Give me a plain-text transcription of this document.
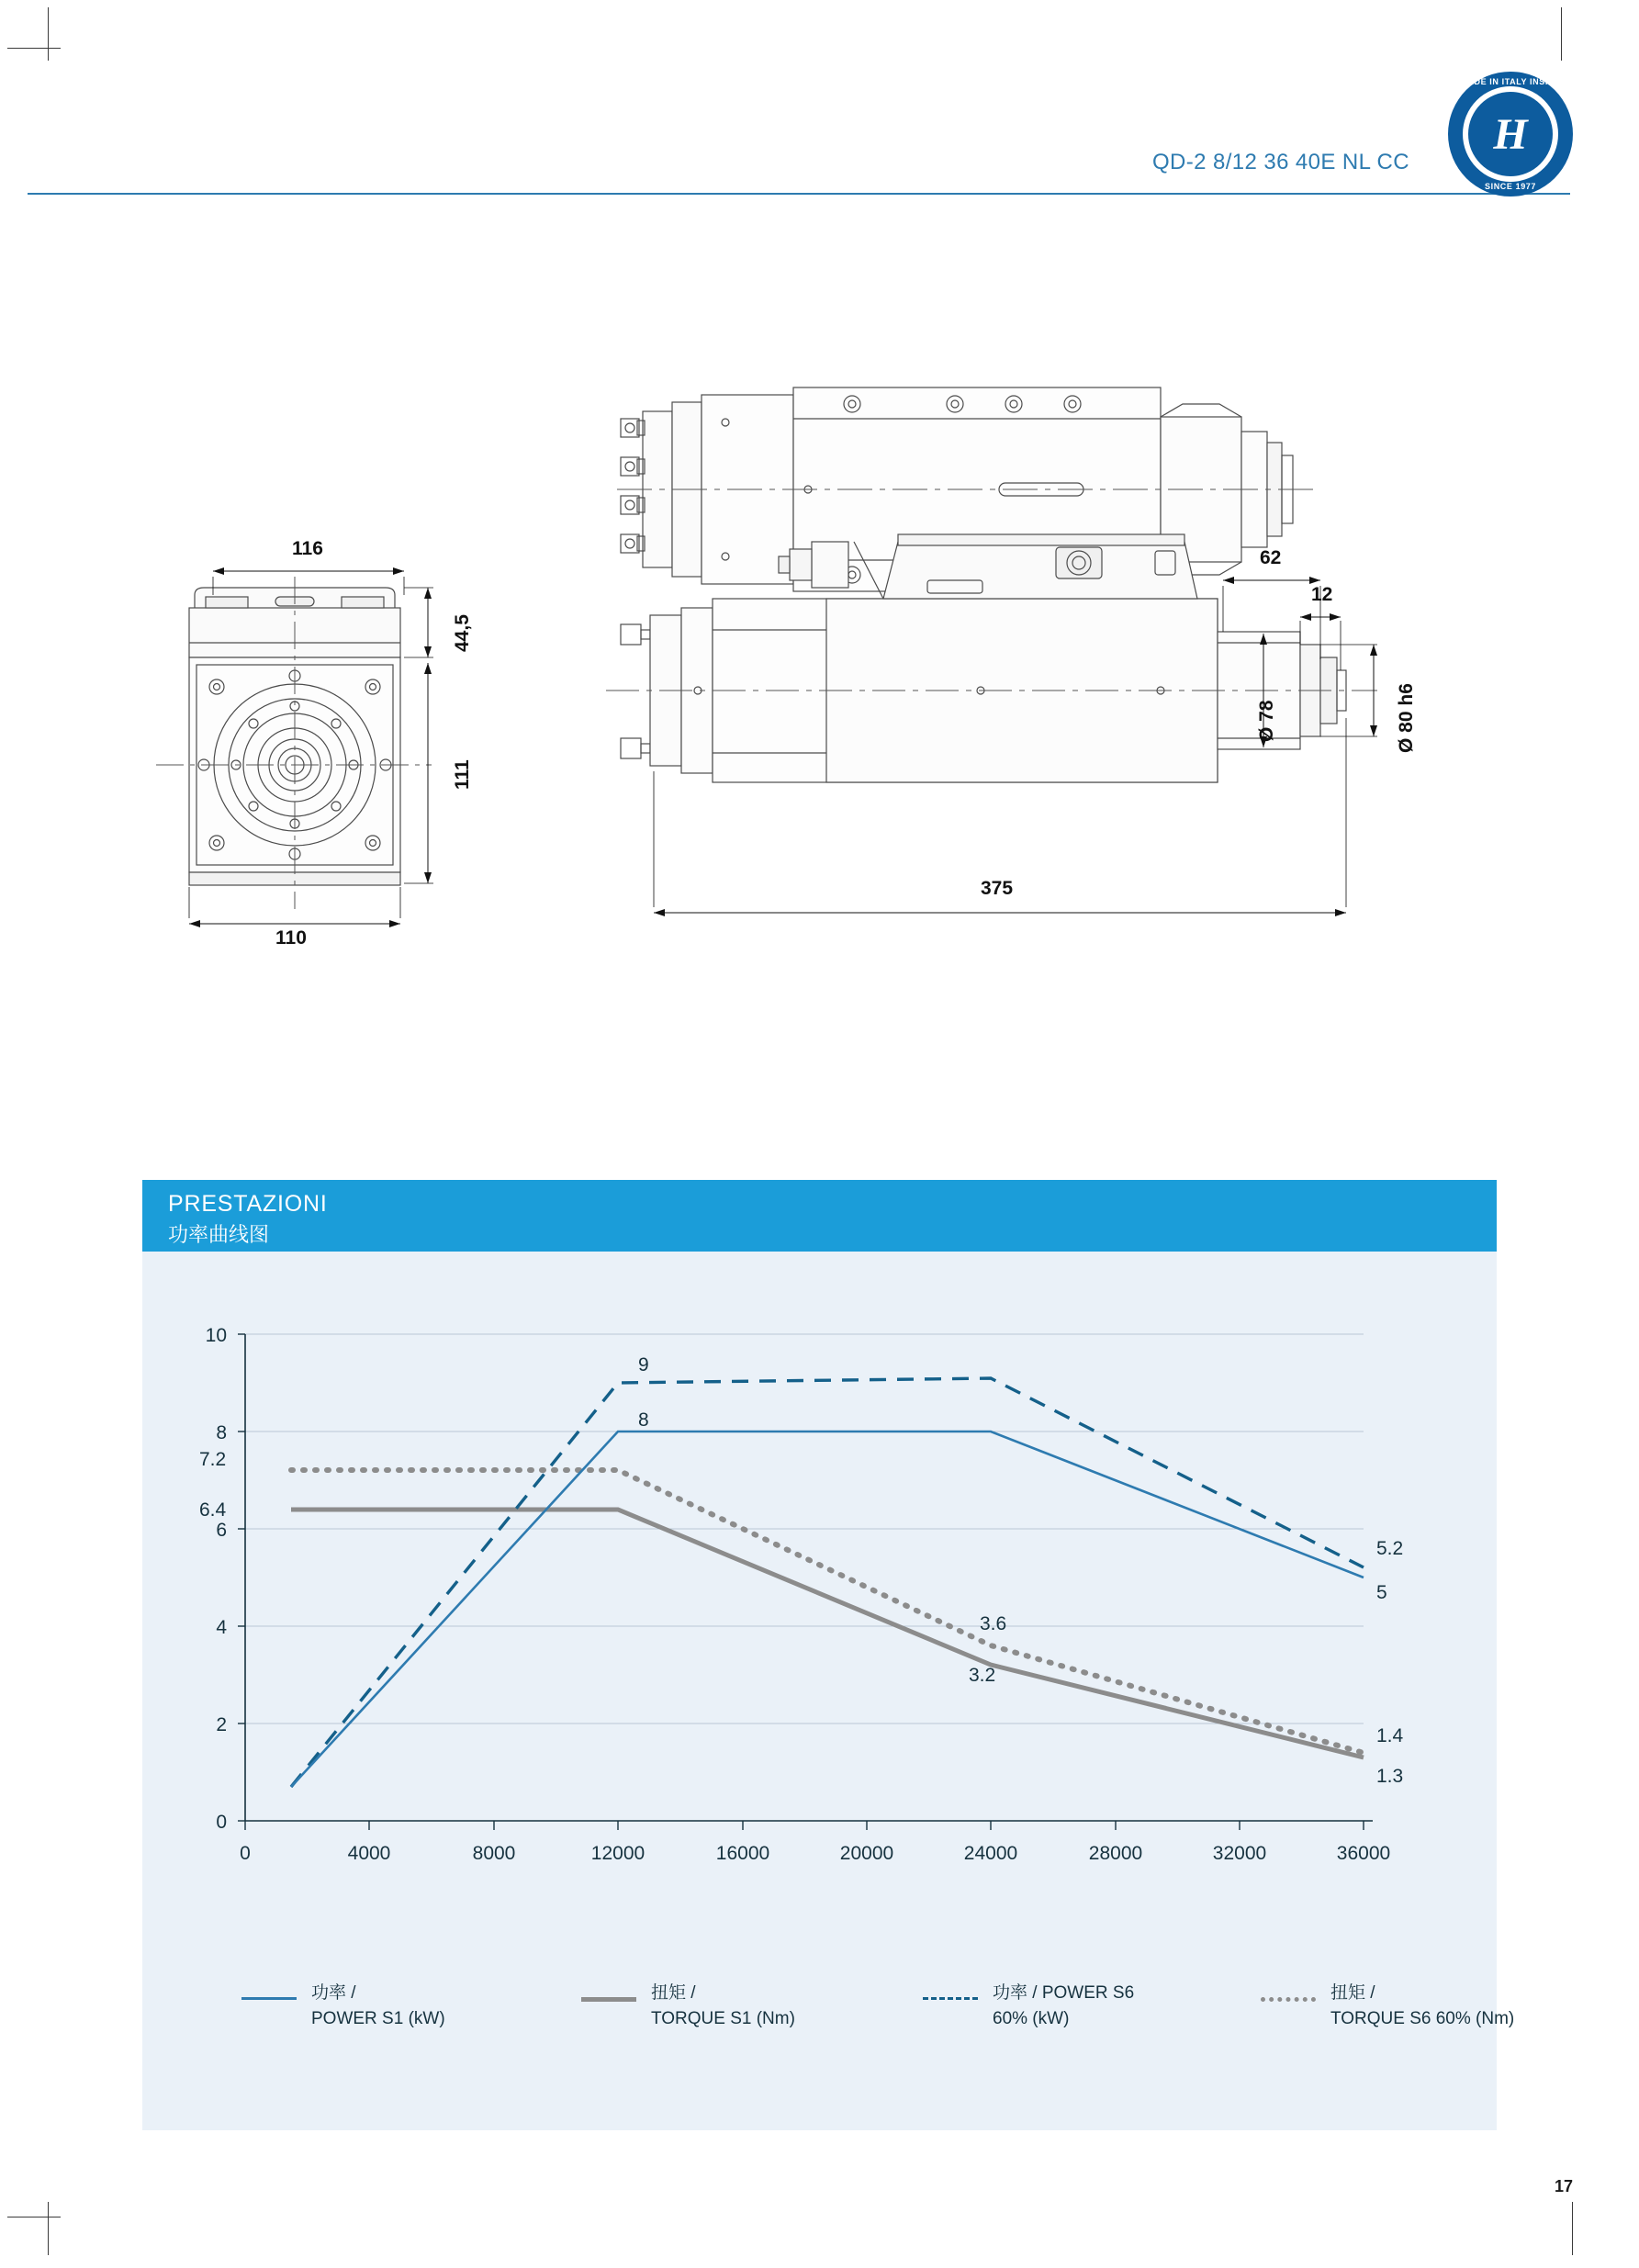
QD-2 8/12 36 40E NL CC
MADE IN ITALY INSIDE
SINCE 1977
H
116
110
44,5
111
375
62
12
Ø 78	Ø 80 h6
PRESTAZIONI
功率曲线图
9
8
7.2
6.4
5.2
5
3.6
3.2
1.4
1.3
10
8
6
4
2
0
0	4000	8000	12000	16000	20000	24000	28000	32000	36000
功率 /
POWER S1 (kW)
扭矩 /
TORQUE S1 (Nm)
功率 / POWER S6
60% (kW)
扭矩 /
TORQUE S6 60% (Nm)
17
